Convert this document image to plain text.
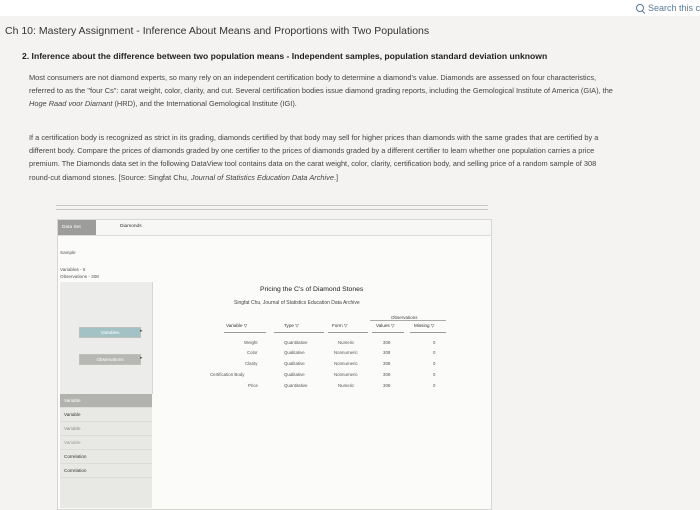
Search this c
Ch 10: Mastery Assignment - Inference About Means and Proportions with Two Populations
2. Inference about the difference between two population means - Independent samples, population standard deviation unknown
Most consumers are not diamond experts, so many rely on an independent certification body to determine a diamond's value. Diamonds are assessed on four characteristics, referred to as the "four Cs": carat weight, color, clarity, and cut. Several certification bodies issue diamond grading reports, including the Gemological Institute of America (GIA), the Hoge Raad voor Diamant (HRD), and the International Gemological Institute (IGI).
If a certification body is recognized as strict in its grading, diamonds certified by that body may sell for higher prices than diamonds with the same grades that are certified by a different body. Compare the prices of diamonds graded by one certifier to the prices of diamonds graded by a different certifier to learn whether one population carries a price premium. The Diamonds data set in the following DataView tool contains data on the carat weight, color, clarity, certification body, and selling price of a random sample of 308 round-cut diamond stones. [Source: Singfat Chu, Journal of Statistics Education Data Archive.]
Data Set	Diamonds
Sample
Variables - 5
Observations - 308
Variables	▸
Observations	▸
Variable
Variable
Variable
Variable
Correlation
Correlation
Pricing the C's of Diamond Stones
Singfat Chu, Journal of Statistics Education Data Archive
Observations
Variable ▽	Type ▽	Form ▽	Values ▽	Missing ▽
Weight	Quantitative	Numeric	308	0
Color	Qualitative	Nonnumeric	308	0
Clarity	Qualitative	Nonnumeric	308	0
Certification Body	Qualitative	Nonnumeric	308	0
Price	Quantitative	Numeric	308	0
